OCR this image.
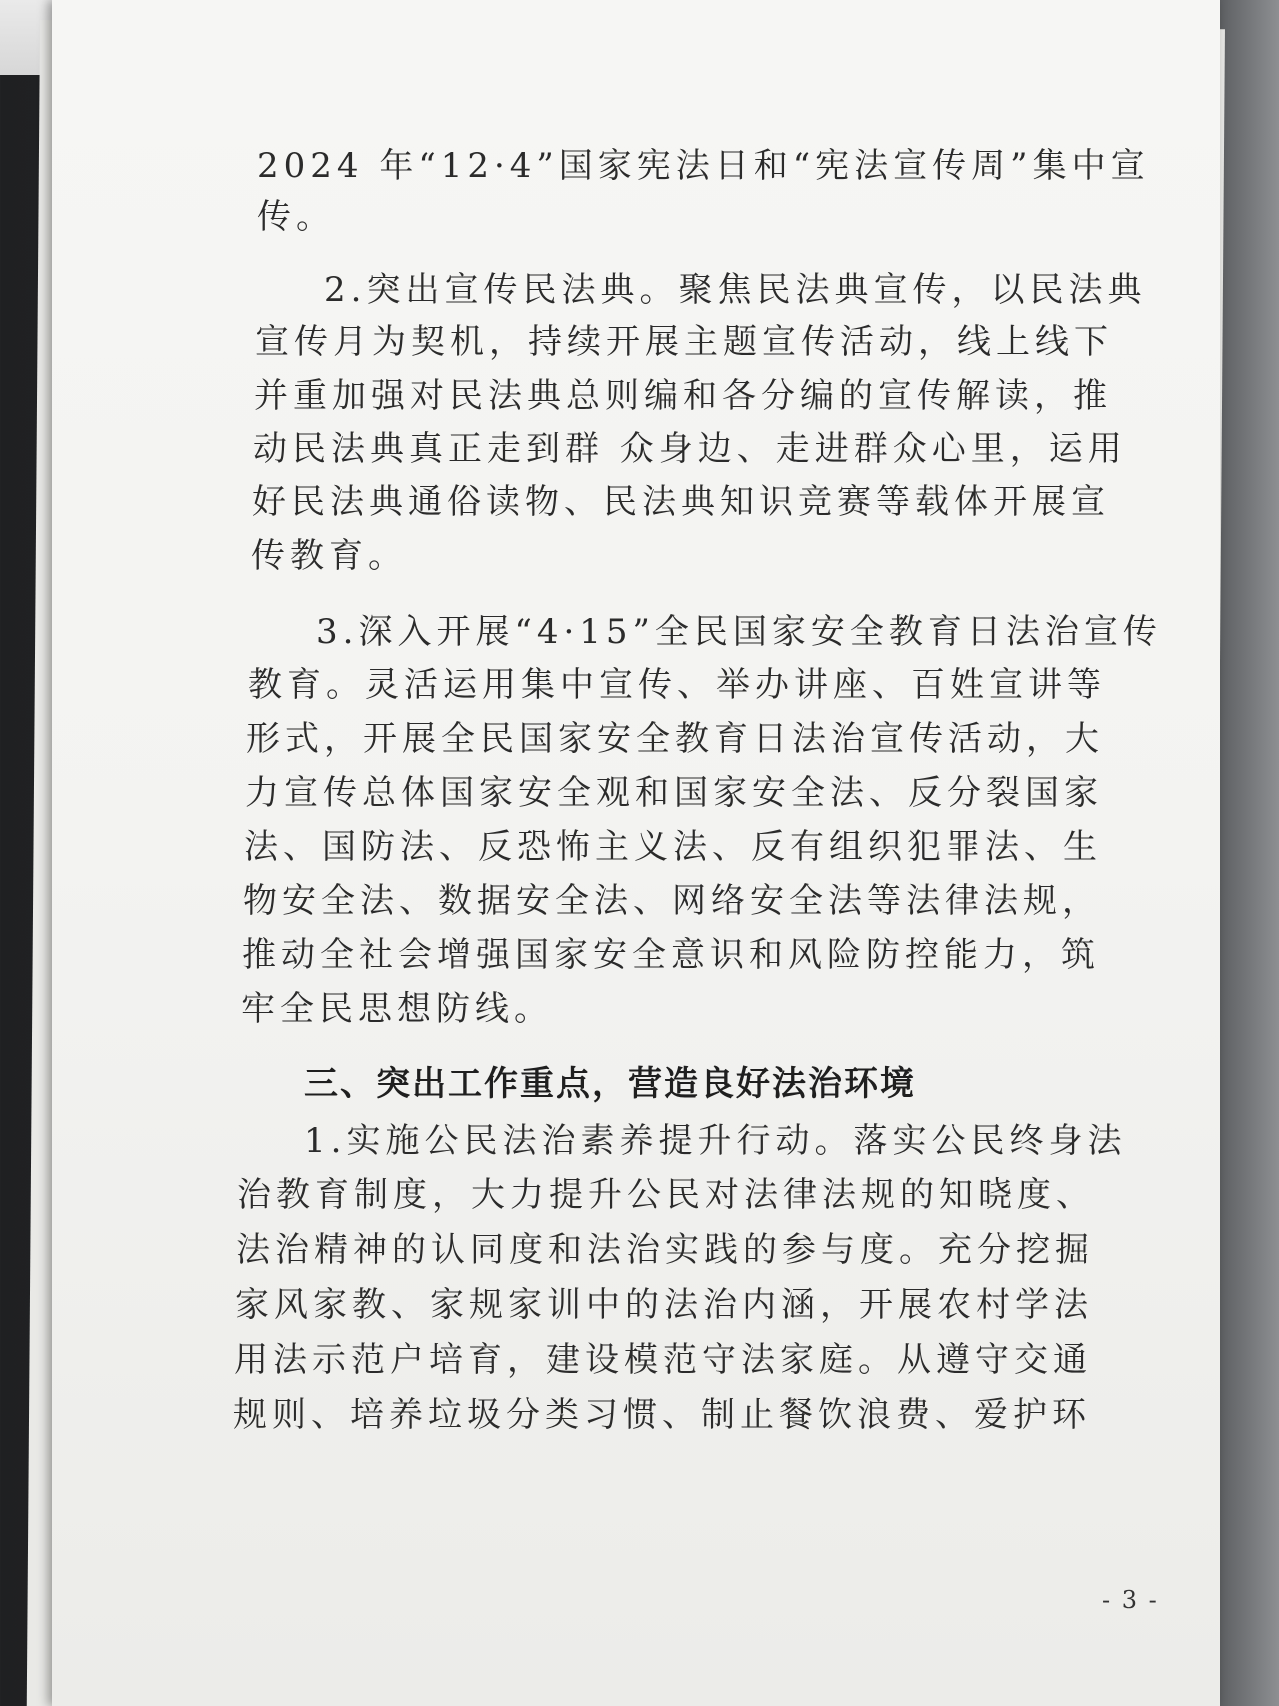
2024 年“12·4”国家宪法日和“宪法宣传周”集中宣
传。
2.突出宣传民法典。聚焦民法典宣传，以民法典
宣传月为契机，持续开展主题宣传活动，线上线下
并重加强对民法典总则编和各分编的宣传解读，推
动民法典真正走到群 众身边、走进群众心里，运用
好民法典通俗读物、民法典知识竞赛等载体开展宣
传教育。
3.深入开展“4·15”全民国家安全教育日法治宣传
教育。灵活运用集中宣传、举办讲座、百姓宣讲等
形式，开展全民国家安全教育日法治宣传活动，大
力宣传总体国家安全观和国家安全法、反分裂国家
法、国防法、反恐怖主义法、反有组织犯罪法、生
物安全法、数据安全法、网络安全法等法律法规，
推动全社会增强国家安全意识和风险防控能力，筑
牢全民思想防线。
三、突出工作重点，营造良好法治环境
1.实施公民法治素养提升行动。落实公民终身法
治教育制度，大力提升公民对法律法规的知晓度、
法治精神的认同度和法治实践的参与度。充分挖掘
家风家教、家规家训中的法治内涵，开展农村学法
用法示范户培育，建设模范守法家庭。从遵守交通
规则、培养垃圾分类习惯、制止餐饮浪费、爱护环
- 3 -
